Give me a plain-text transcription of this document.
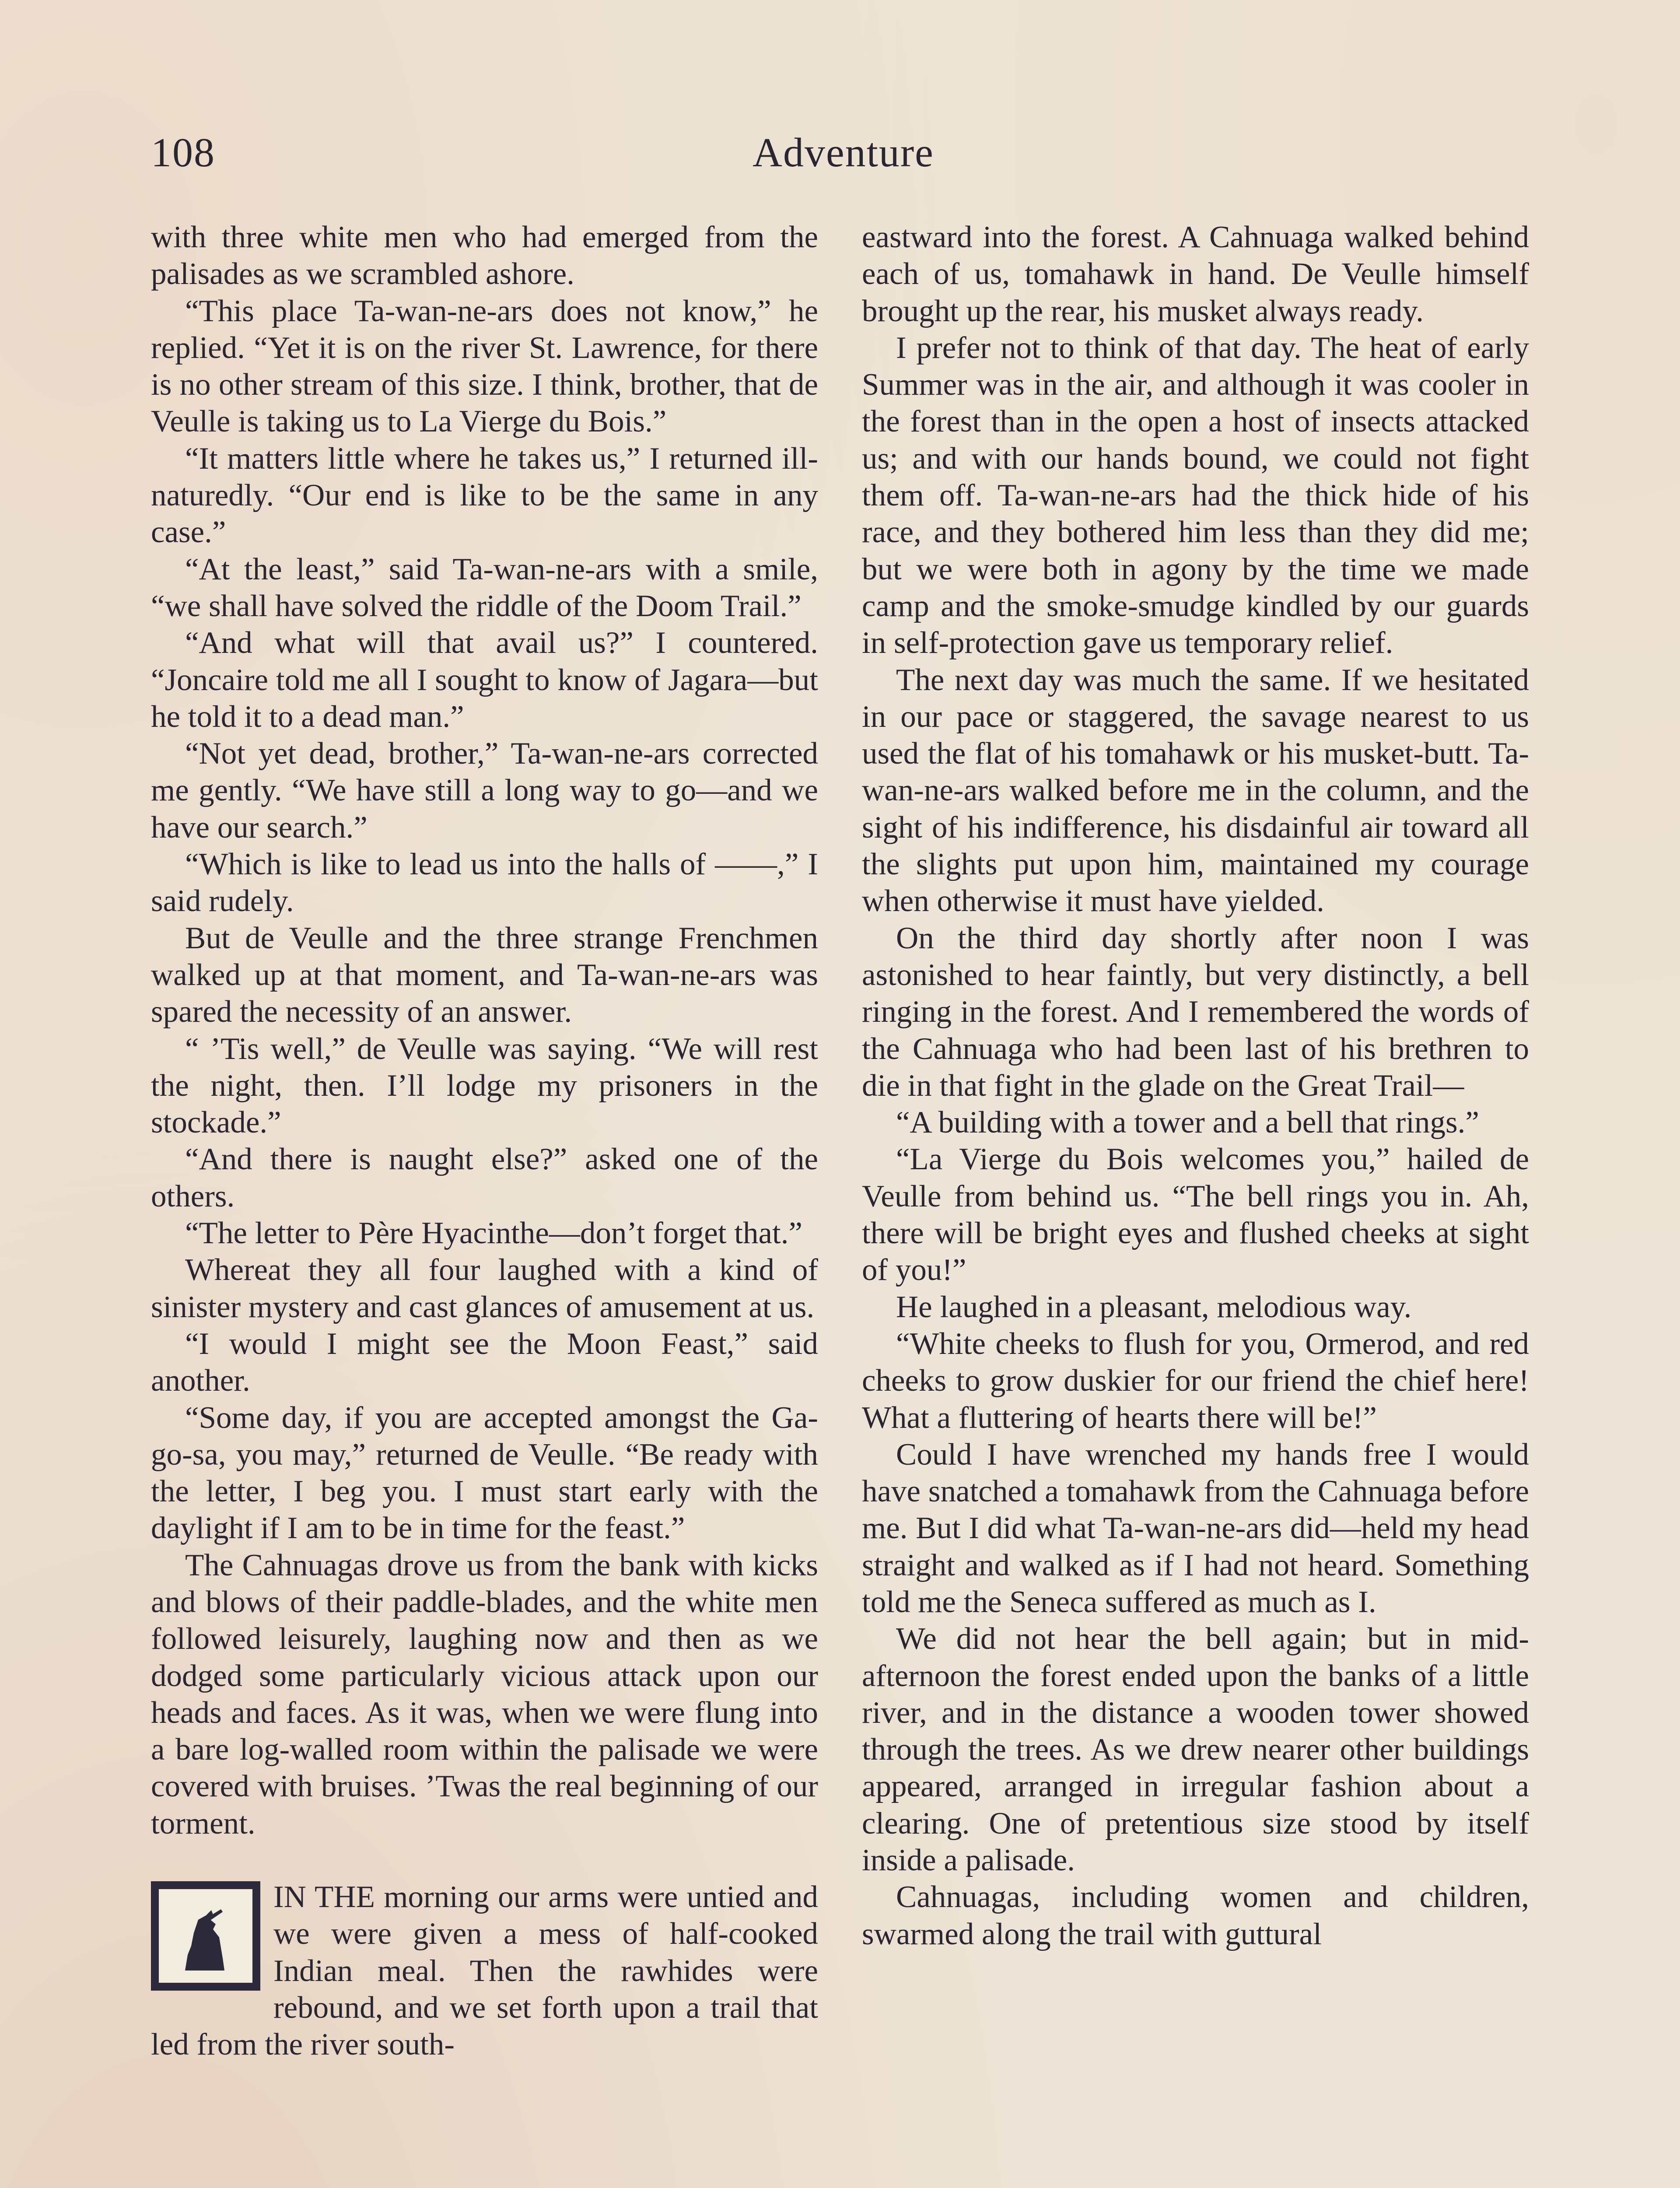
108	Adventure

with three white men who had emerged from the palisades as we scrambled ashore.

“This place Ta-wan-ne-ars does not know,” he replied. “Yet it is on the river St. Lawrence, for there is no other stream of this size. I think, brother, that de Veulle is taking us to La Vierge du Bois.”

“It matters little where he takes us,” I returned ill-naturedly. “Our end is like to be the same in any case.”

“At the least,” said Ta-wan-ne-ars with a smile, “we shall have solved the riddle of the Doom Trail.”

“And what will that avail us?” I countered. “Joncaire told me all I sought to know of Jagara—but he told it to a dead man.”

“Not yet dead, brother,” Ta-wan-ne-ars corrected me gently. “We have still a long way to go—and we have our search.”

“Which is like to lead us into the halls of ——,” I said rudely.

But de Veulle and the three strange Frenchmen walked up at that moment, and Ta-wan-ne-ars was spared the necessity of an answer.

“ ’Tis well,” de Veulle was saying. “We will rest the night, then. I’ll lodge my prisoners in the stockade.”

“And there is naught else?” asked one of the others.

“The letter to Père Hyacinthe—don’t forget that.”

Whereat they all four laughed with a kind of sinister mystery and cast glances of amusement at us.

“I would I might see the Moon Feast,” said another.

“Some day, if you are accepted amongst the Ga-go-sa, you may,” returned de Veulle. “Be ready with the letter, I beg you. I must start early with the daylight if I am to be in time for the feast.”

The Cahnuagas drove us from the bank with kicks and blows of their paddle-blades, and the white men followed leisurely, laughing now and then as we dodged some particularly vicious attack upon our heads and faces. As it was, when we were flung into a bare log-walled room within the palisade we were covered with bruises. ’Twas the real beginning of our torment.

IN THE morning our arms were untied and we were given a mess of half-cooked Indian meal. Then the rawhides were rebound, and we set forth upon a trail that led from the river south-

eastward into the forest. A Cahnuaga walked behind each of us, tomahawk in hand. De Veulle himself brought up the rear, his musket always ready.

I prefer not to think of that day. The heat of early Summer was in the air, and although it was cooler in the forest than in the open a host of insects attacked us; and with our hands bound, we could not fight them off. Ta-wan-ne-ars had the thick hide of his race, and they bothered him less than they did me; but we were both in agony by the time we made camp and the smoke-smudge kindled by our guards in self-protection gave us temporary relief.

The next day was much the same. If we hesitated in our pace or staggered, the savage nearest to us used the flat of his tomahawk or his musket-butt. Ta-wan-ne-ars walked before me in the column, and the sight of his indifference, his disdainful air toward all the slights put upon him, maintained my courage when otherwise it must have yielded.

On the third day shortly after noon I was astonished to hear faintly, but very distinctly, a bell ringing in the forest. And I remembered the words of the Cahnuaga who had been last of his brethren to die in that fight in the glade on the Great Trail—

“A building with a tower and a bell that rings.”

“La Vierge du Bois welcomes you,” hailed de Veulle from behind us. “The bell rings you in. Ah, there will be bright eyes and flushed cheeks at sight of you!”

He laughed in a pleasant, melodious way.

“White cheeks to flush for you, Ormerod, and red cheeks to grow duskier for our friend the chief here! What a fluttering of hearts there will be!”

Could I have wrenched my hands free I would have snatched a tomahawk from the Cahnuaga before me. But I did what Ta-wan-ne-ars did—held my head straight and walked as if I had not heard. Something told me the Seneca suffered as much as I.

We did not hear the bell again; but in mid-afternoon the forest ended upon the banks of a little river, and in the distance a wooden tower showed through the trees. As we drew nearer other buildings appeared, arranged in irregular fashion about a clearing. One of pretentious size stood by itself inside a palisade.

Cahnuagas, including women and children, swarmed along the trail with guttural
